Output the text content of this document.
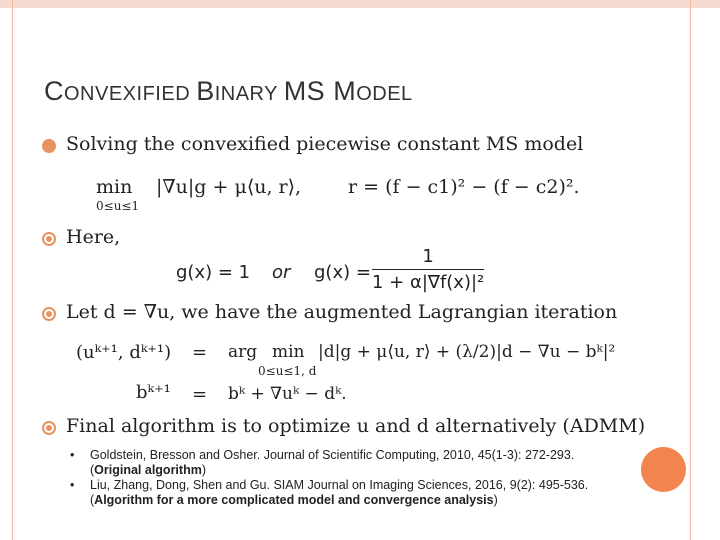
CONVEXIFIED BINARY MS MODEL
Solving the convexified piecewise constant MS model
min
0≤u≤1
|∇u|g + μ⟨u, r⟩, r = (f − c1)² − (f − c2)².
Here,
g(x) = 1 or $g(x) = \frac{1}{\text{1 + α|∇f(x)|²}}$
Let d = ∇u, we have the augmented Lagrangian iteration
(uᵏ⁺¹, dᵏ⁺¹) = arg min
0≤u≤1, d
|d|g + μ⟨u, r⟩ + (λ/2)|d − ∇u − bᵏ|²
bᵏ⁺¹ = bᵏ + ∇uᵏ − dᵏ.
Final algorithm is to optimize u and d alternatively (ADMM)
• Goldstein, Bresson and Osher. Journal of Scientific Computing, 2010, 45(1-3): 272-293. (Original algorithm)
• Liu, Zhang, Dong, Shen and Gu. SIAM Journal on Imaging Sciences, 2016, 9(2): 495-536. (Algorithm for a more complicated model and convergence analysis)
